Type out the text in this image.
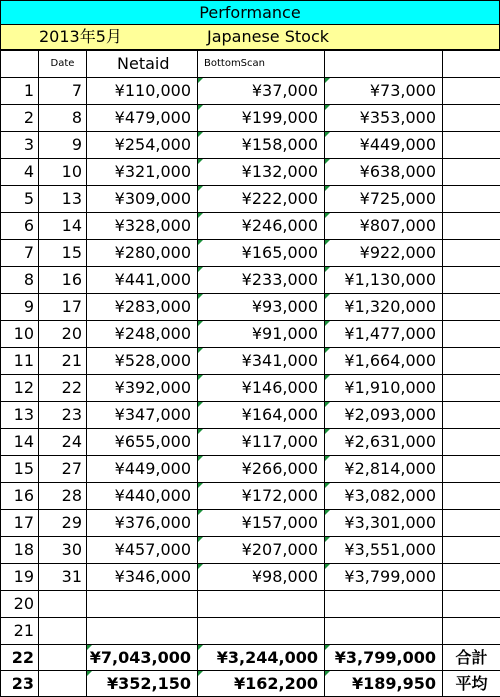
Performance
2013年5月	Japanese Stock
	Date	Netaid	BottomScan		
1	7	¥110,000	¥37,000	¥73,000	
2	8	¥479,000	¥199,000	¥353,000	
3	9	¥254,000	¥158,000	¥449,000	
4	10	¥321,000	¥132,000	¥638,000	
5	13	¥309,000	¥222,000	¥725,000	
6	14	¥328,000	¥246,000	¥807,000	
7	15	¥280,000	¥165,000	¥922,000	
8	16	¥441,000	¥233,000	¥1,130,000	
9	17	¥283,000	¥93,000	¥1,320,000	
10	20	¥248,000	¥91,000	¥1,477,000	
11	21	¥528,000	¥341,000	¥1,664,000	
12	22	¥392,000	¥146,000	¥1,910,000	
13	23	¥347,000	¥164,000	¥2,093,000	
14	24	¥655,000	¥117,000	¥2,631,000	
15	27	¥449,000	¥266,000	¥2,814,000	
16	28	¥440,000	¥172,000	¥3,082,000	
17	29	¥376,000	¥157,000	¥3,301,000	
18	30	¥457,000	¥207,000	¥3,551,000	
19	31	¥346,000	¥98,000	¥3,799,000	
20					
21					
22		¥7,043,000	¥3,244,000	¥3,799,000	合計
23		¥352,150	¥162,200	¥189,950	平均
